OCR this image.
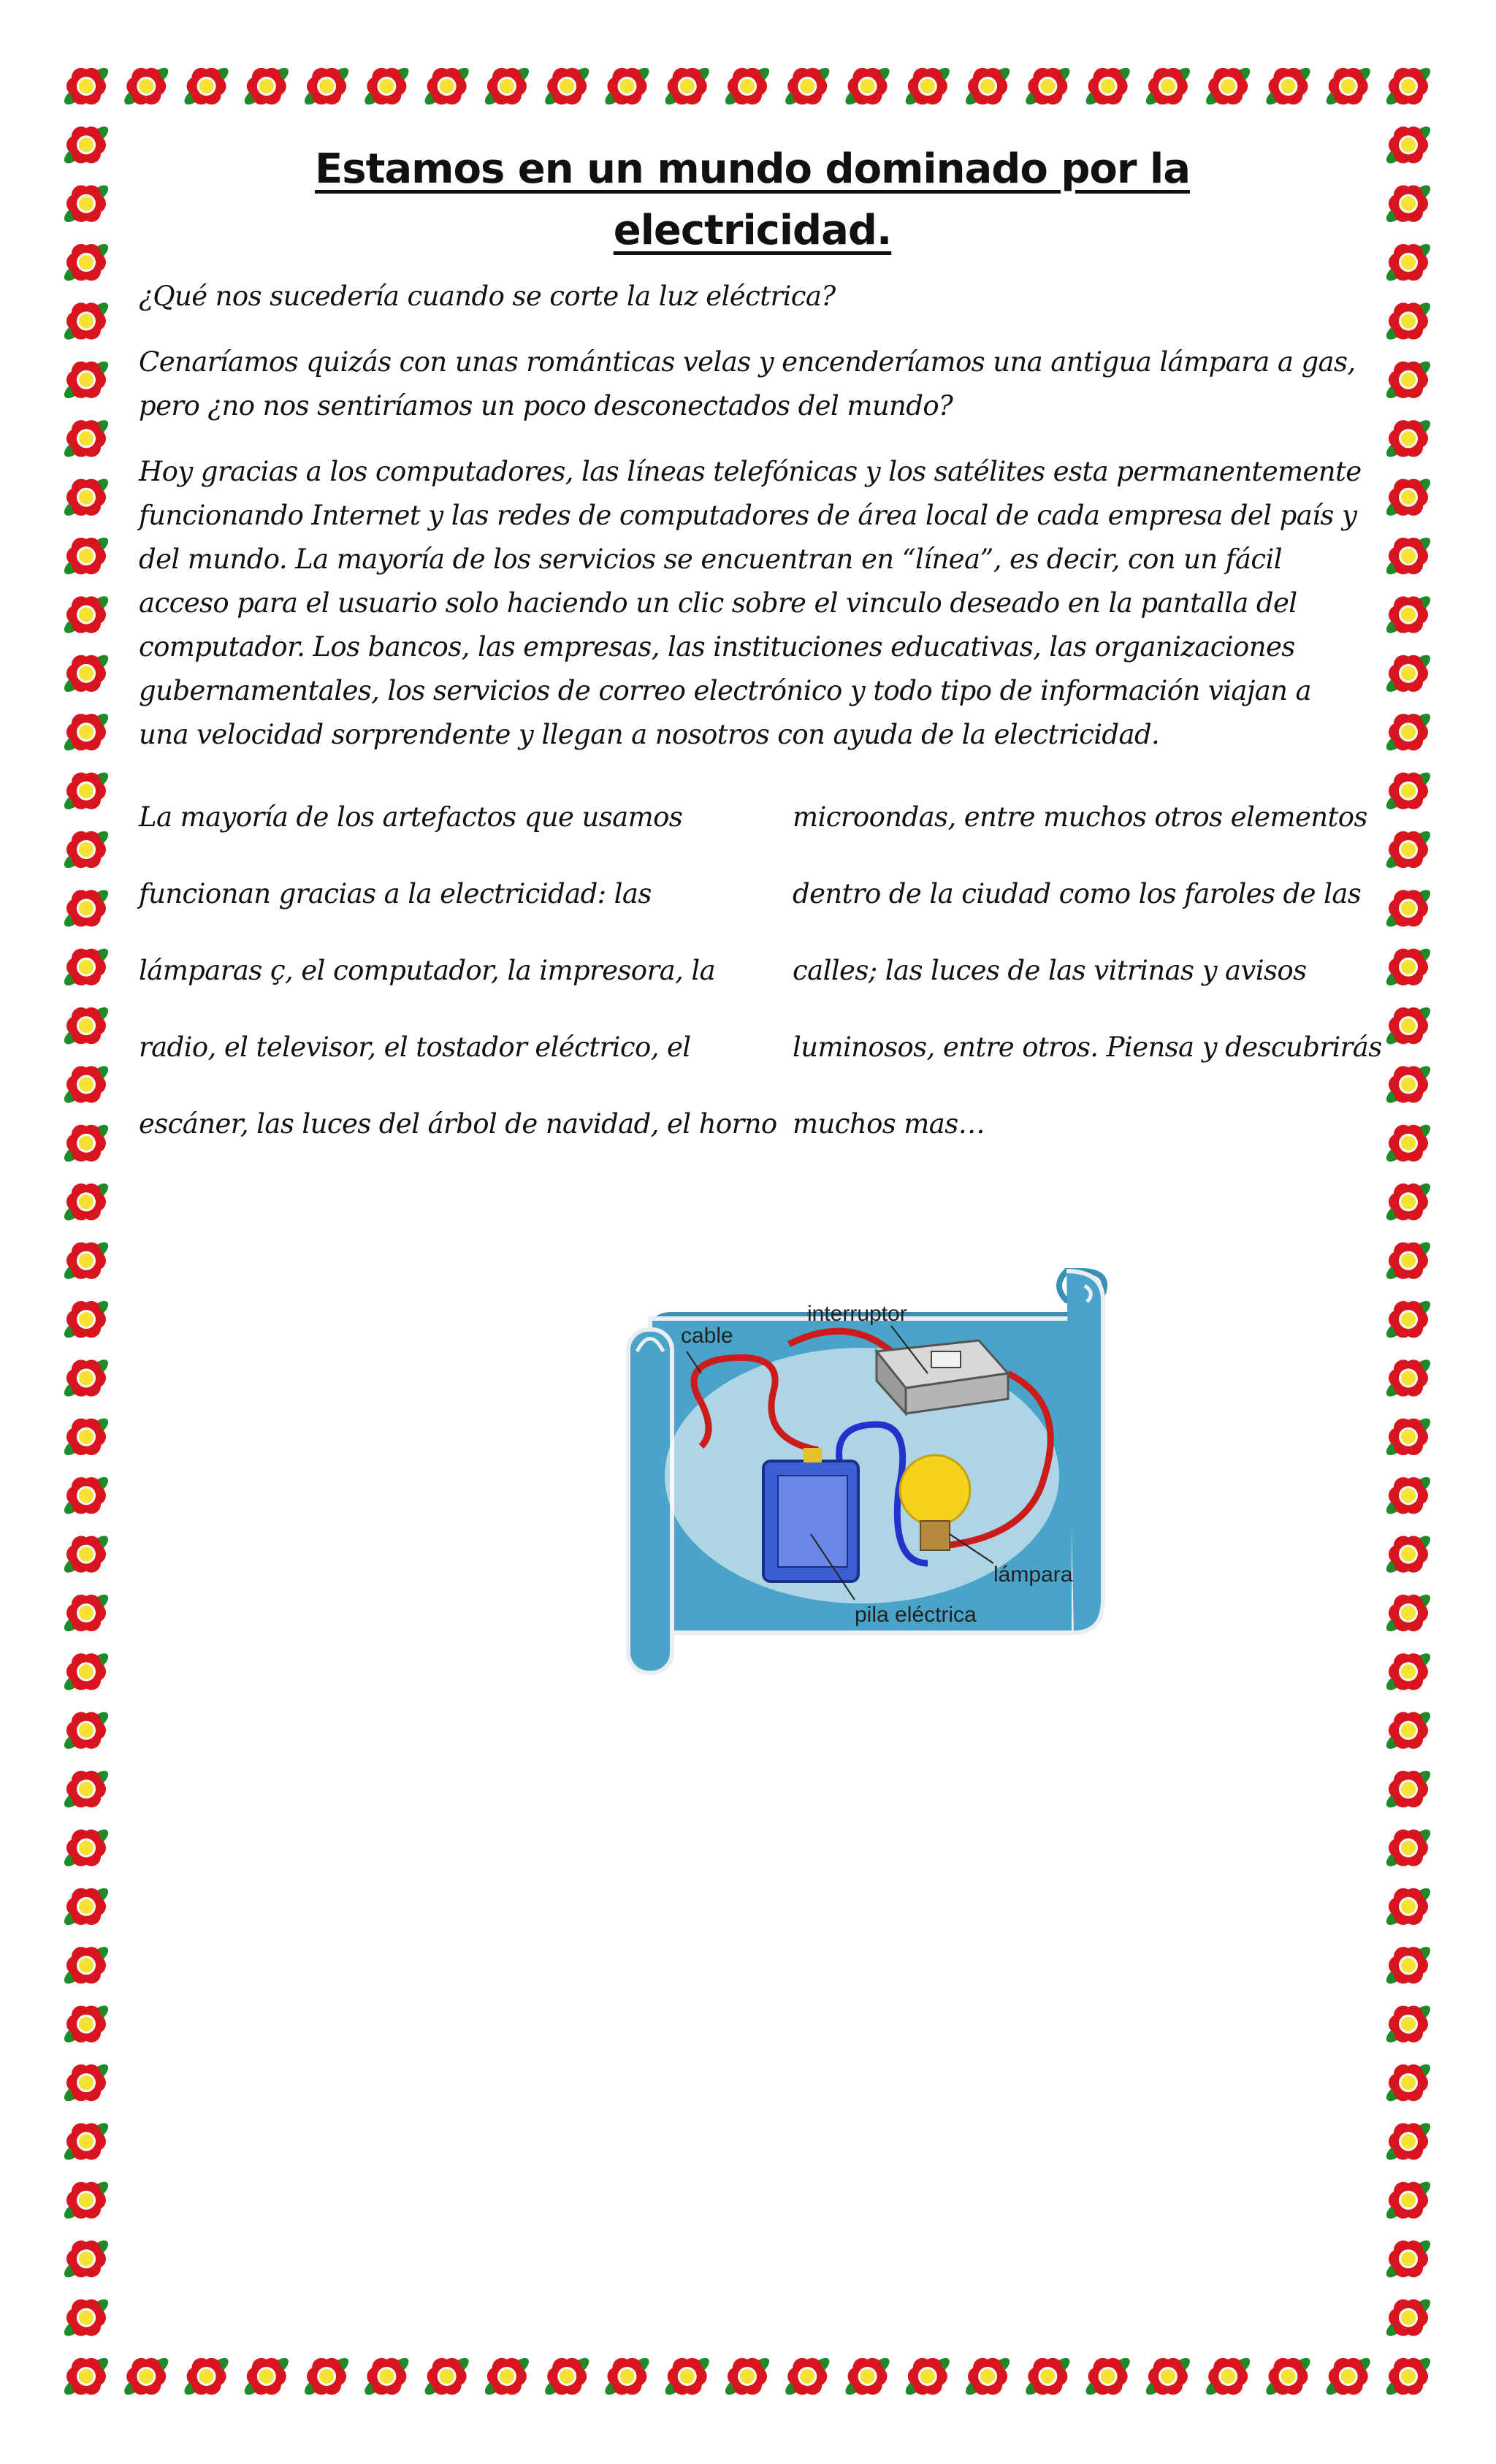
Estamos en un mundo dominado por la electricidad.

¿Qué nos sucedería cuando se corte la luz eléctrica?

Cenaríamos quizás con unas románticas velas y encenderíamos una antigua lámpara a gas, pero ¿no nos sentiríamos un poco desconectados del mundo?

Hoy gracias a los computadores, las líneas telefónicas y los satélites esta permanentemente funcionando Internet y las redes de computadores de área local de cada empresa del país y del mundo. La mayoría de los servicios se encuentran en “línea”, es decir, con un fácil acceso para el usuario solo haciendo un clic sobre el vinculo deseado en la pantalla del computador. Los bancos, las empresas, las instituciones educativas, las organizaciones gubernamentales, los servicios de correo electrónico y todo tipo de información viajan a una velocidad sorprendente y llegan a nosotros con ayuda de la electricidad.

La mayoría de los artefactos que usamos
funcionan gracias a la electricidad: las
lámparas ç, el computador, la impresora, la
radio, el televisor, el tostador eléctrico, el
escáner, las luces del árbol de navidad, el horno
microondas, entre muchos otros elementos
dentro de la ciudad como los faroles de las
calles; las luces de las vitrinas y avisos
luminosos, entre otros. Piensa y descubrirás
muchos mas…
cable
interruptor
lámpara
pila eléctrica
